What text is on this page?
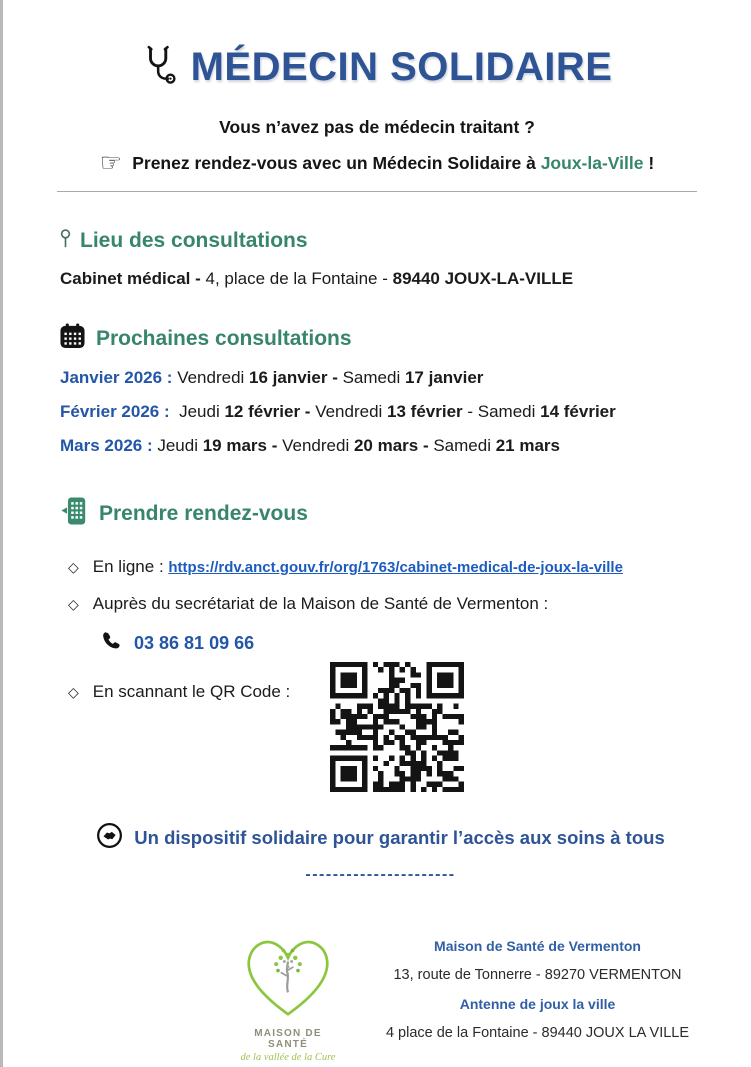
MÉDECIN SOLIDAIRE

Vous n’avez pas de médecin traitant ?

☞ Prenez rendez-vous avec un Médecin Solidaire à Joux-la-Ville !

Lieu des consultations

Cabinet médical - 4, place de la Fontaine - 89440 JOUX-LA-VILLE

Prochaines consultations
Janvier 2026 : Vendredi 16 janvier - Samedi 17 janvier
Février 2026 :  Jeudi 12 février - Vendredi 13 février - Samedi 14 février
Mars 2026 : Jeudi 19 mars - Vendredi 20 mars - Samedi 21 mars
Prendre rendez-vous
◇ En ligne : https://rdv.anct.gouv.fr/org/1763/cabinet-medical-de-joux-la-ville
◇ Auprès du secrétariat de la Maison de Santé de Vermenton :
03 86 81 09 66
◇ En scannant le QR Code :
Un dispositif solidaire pour garantir l’accès aux soins à tous
----------------------
MAISON DE SANTÉ
de la vallée de la Cure
Maison de Santé de Vermenton
13, route de Tonnerre - 89270 VERMENTON
Antenne de joux la ville
4 place de la Fontaine - 89440 JOUX LA VILLE
